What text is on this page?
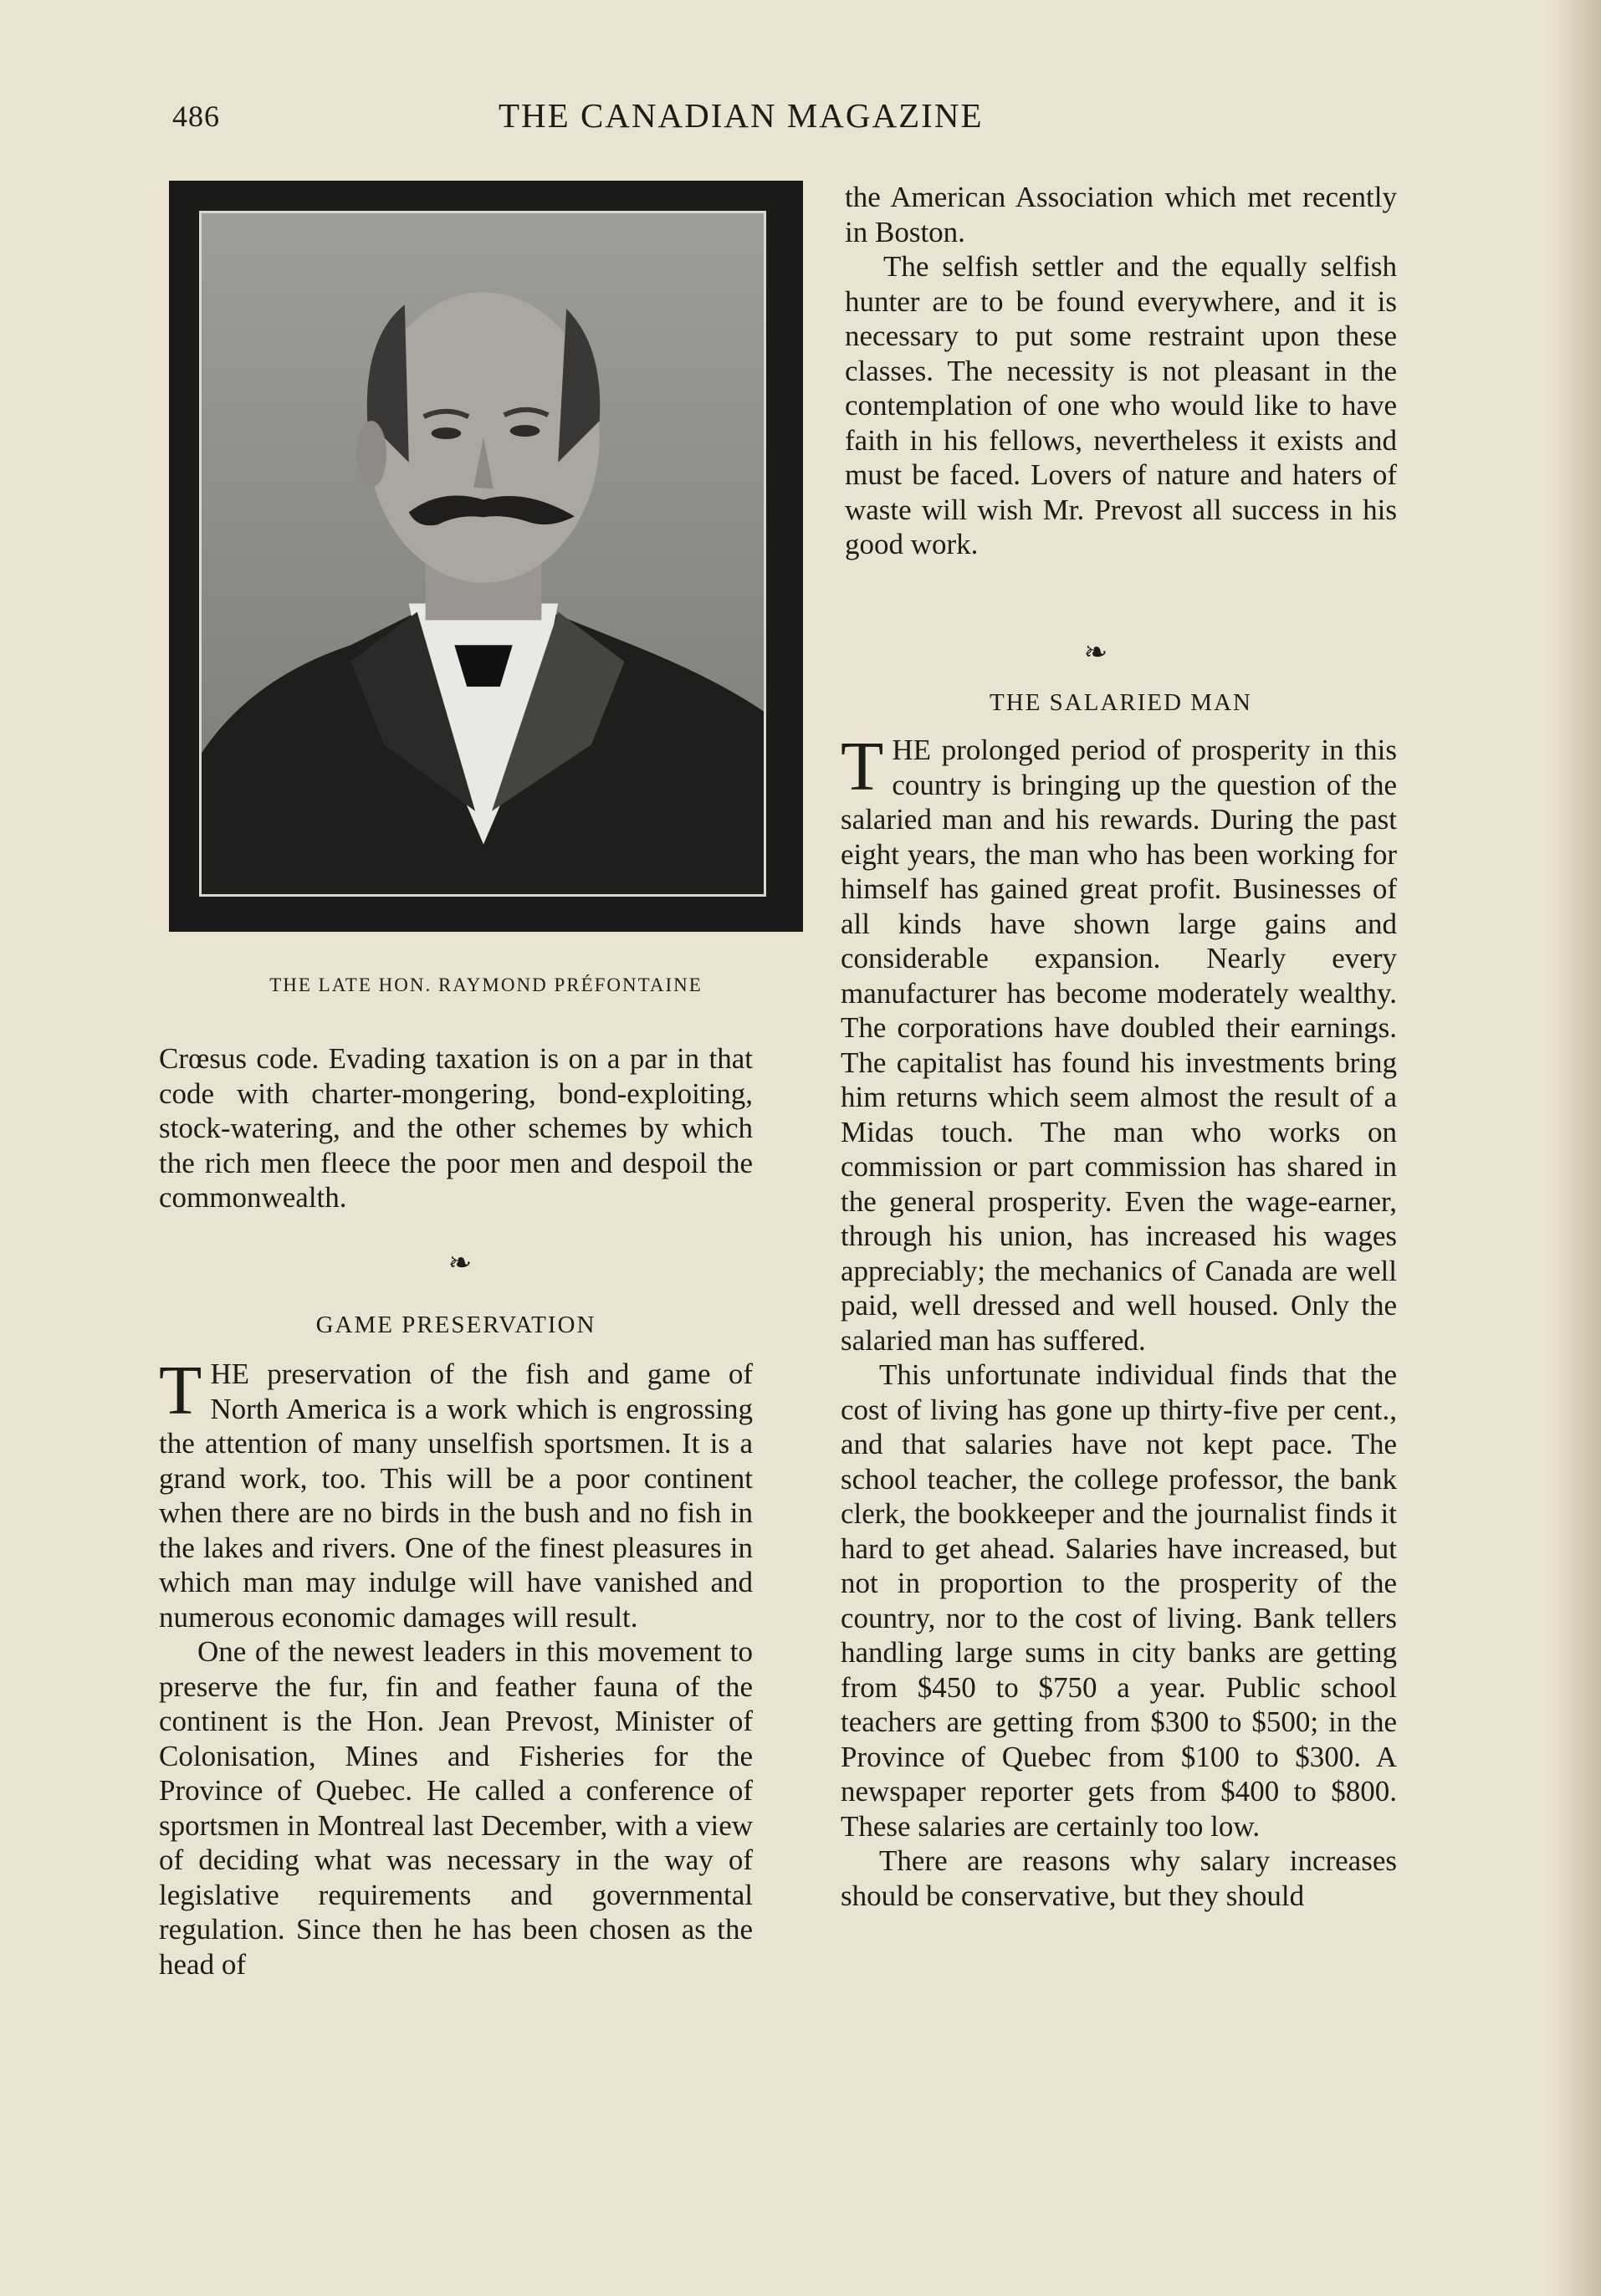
486	THE CANADIAN MAGAZINE
THE LATE HON. RAYMOND PRÉFONTAINE

Crœsus code. Evading taxation is on a par in that code with charter-mongering, bond-exploiting, stock-watering, and the other schemes by which the rich men fleece the poor men and despoil the commonwealth.

❧

GAME PRESERVATION

THE preservation of the fish and game of North America is a work which is engrossing the attention of many unselfish sportsmen. It is a grand work, too. This will be a poor continent when there are no birds in the bush and no fish in the lakes and rivers. One of the finest pleasures in which man may indulge will have vanished and numerous economic damages will result.

One of the newest leaders in this movement to preserve the fur, fin and feather fauna of the continent is the Hon. Jean Prevost, Minister of Colonisation, Mines and Fisheries for the Province of Quebec. He called a conference of sportsmen in Montreal last December, with a view of deciding what was necessary in the way of legislative requirements and governmental regulation. Since then he has been chosen as the head of

the American Association which met recently in Boston.

The selfish settler and the equally selfish hunter are to be found everywhere, and it is necessary to put some restraint upon these classes. The necessity is not pleasant in the contemplation of one who would like to have faith in his fellows, nevertheless it exists and must be faced. Lovers of nature and haters of waste will wish Mr. Prevost all success in his good work.

❧

THE SALARIED MAN

THE prolonged period of prosperity in this country is bringing up the question of the salaried man and his rewards. During the past eight years, the man who has been working for himself has gained great profit. Businesses of all kinds have shown large gains and considerable expansion. Nearly every manufacturer has become moderately wealthy. The corporations have doubled their earnings. The capitalist has found his investments bring him returns which seem almost the result of a Midas touch. The man who works on commission or part commission has shared in the general prosperity. Even the wage-earner, through his union, has increased his wages appreciably; the mechanics of Canada are well paid, well dressed and well housed. Only the salaried man has suffered.

This unfortunate individual finds that the cost of living has gone up thirty-five per cent., and that salaries have not kept pace. The school teacher, the college professor, the bank clerk, the bookkeeper and the journalist finds it hard to get ahead. Salaries have increased, but not in proportion to the prosperity of the country, nor to the cost of living. Bank tellers handling large sums in city banks are getting from $450 to $750 a year. Public school teachers are getting from $300 to $500; in the Province of Quebec from $100 to $300. A newspaper reporter gets from $400 to $800. These salaries are certainly too low.

There are reasons why salary increases should be conservative, but they should
